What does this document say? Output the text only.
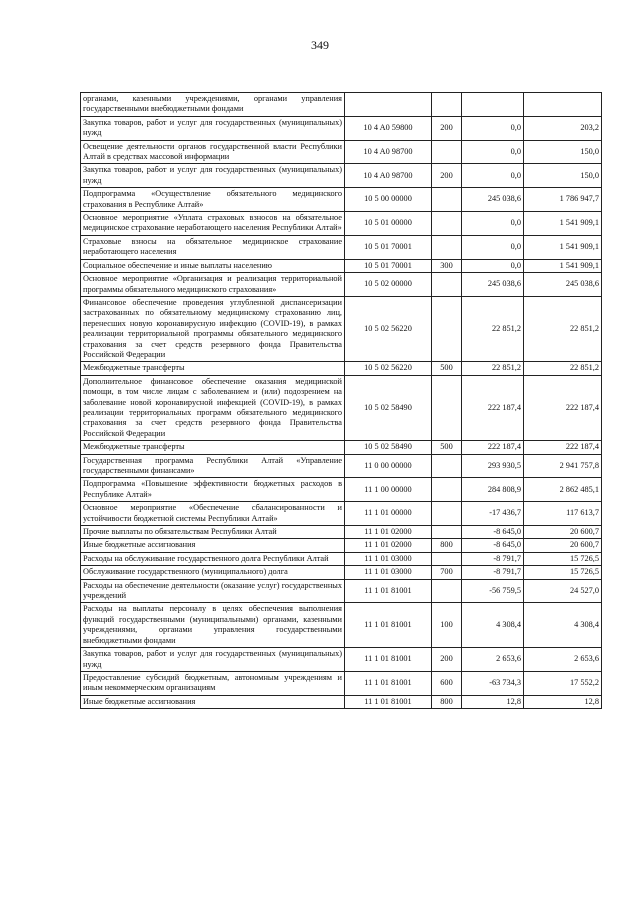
349
органами, казенными учреждениями, органами управления государственными внебюджетными фондами				
Закупка товаров, работ и услуг для государственных (муниципальных) нужд	10 4 A0 59800	200	0,0	203,2
Освещение деятельности органов государственной власти Республики Алтай в средствах массовой информации	10 4 A0 98700		0,0	150,0
Закупка товаров, работ и услуг для государственных (муниципальных) нужд	10 4 A0 98700	200	0,0	150,0
Подпрограмма «Осуществление обязательного медицинского страхования в Республике Алтай»	10 5 00 00000		245 038,6	1 786 947,7
Основное мероприятие «Уплата страховых взносов на обязательное медицинское страхование неработающего населения Республики Алтай»	10 5 01 00000		0,0	1 541 909,1
Страховые взносы на обязательное медицинское страхование неработающего населения	10 5 01 70001		0,0	1 541 909,1
Социальное обеспечение и иные выплаты населению	10 5 01 70001	300	0,0	1 541 909,1
Основное мероприятие «Организация и реализация территориальной программы обязательного медицинского страхования»	10 5 02 00000		245 038,6	245 038,6
Финансовое обеспечение проведения углубленной диспансеризации застрахованных по обязательному медицинскому страхованию лиц, перенесших новую коронавирусную инфекцию (COVID-19), в рамках реализации территориальной программы обязательного медицинского страхования за счет средств резервного фонда Правительства Российской Федерации	10 5 02 56220		22 851,2	22 851,2
Межбюджетные трансферты	10 5 02 56220	500	22 851,2	22 851,2
Дополнительное финансовое обеспечение оказания медицинской помощи, в том числе лицам с заболеванием и (или) подозрением на заболевание новой коронавирусной инфекцией (COVID-19), в рамках реализации территориальных программ обязательного медицинского страхования за счет средств резервного фонда Правительства Российской Федерации	10 5 02 58490		222 187,4	222 187,4
Межбюджетные трансферты	10 5 02 58490	500	222 187,4	222 187,4
Государственная программа Республики Алтай «Управление государственными финансами»	11 0 00 00000		293 930,5	2 941 757,8
Подпрограмма «Повышение эффективности бюджетных расходов в Республике Алтай»	11 1 00 00000		284 808,9	2 862 485,1
Основное мероприятие «Обеспечение сбалансированности и устойчивости бюджетной системы Республики Алтай»	11 1 01 00000		-17 436,7	117 613,7
Прочие выплаты по обязательствам Республики Алтай	11 1 01 02000		-8 645,0	20 600,7
Иные бюджетные ассигнования	11 1 01 02000	800	-8 645,0	20 600,7
Расходы на обслуживание государственного долга Республики Алтай	11 1 01 03000		-8 791,7	15 726,5
Обслуживание государственного (муниципального) долга	11 1 01 03000	700	-8 791,7	15 726,5
Расходы на обеспечение деятельности (оказание услуг) государственных учреждений	11 1 01 81001		-56 759,5	24 527,0
Расходы на выплаты персоналу в целях обеспечения выполнения функций государственными (муниципальными) органами, казенными учреждениями, органами управления государственными внебюджетными фондами	11 1 01 81001	100	4 308,4	4 308,4
Закупка товаров, работ и услуг для государственных (муниципальных) нужд	11 1 01 81001	200	2 653,6	2 653,6
Предоставление субсидий бюджетным, автономным учреждениям и иным некоммерческим организациям	11 1 01 81001	600	-63 734,3	17 552,2
Иные бюджетные ассигнования	11 1 01 81001	800	12,8	12,8
